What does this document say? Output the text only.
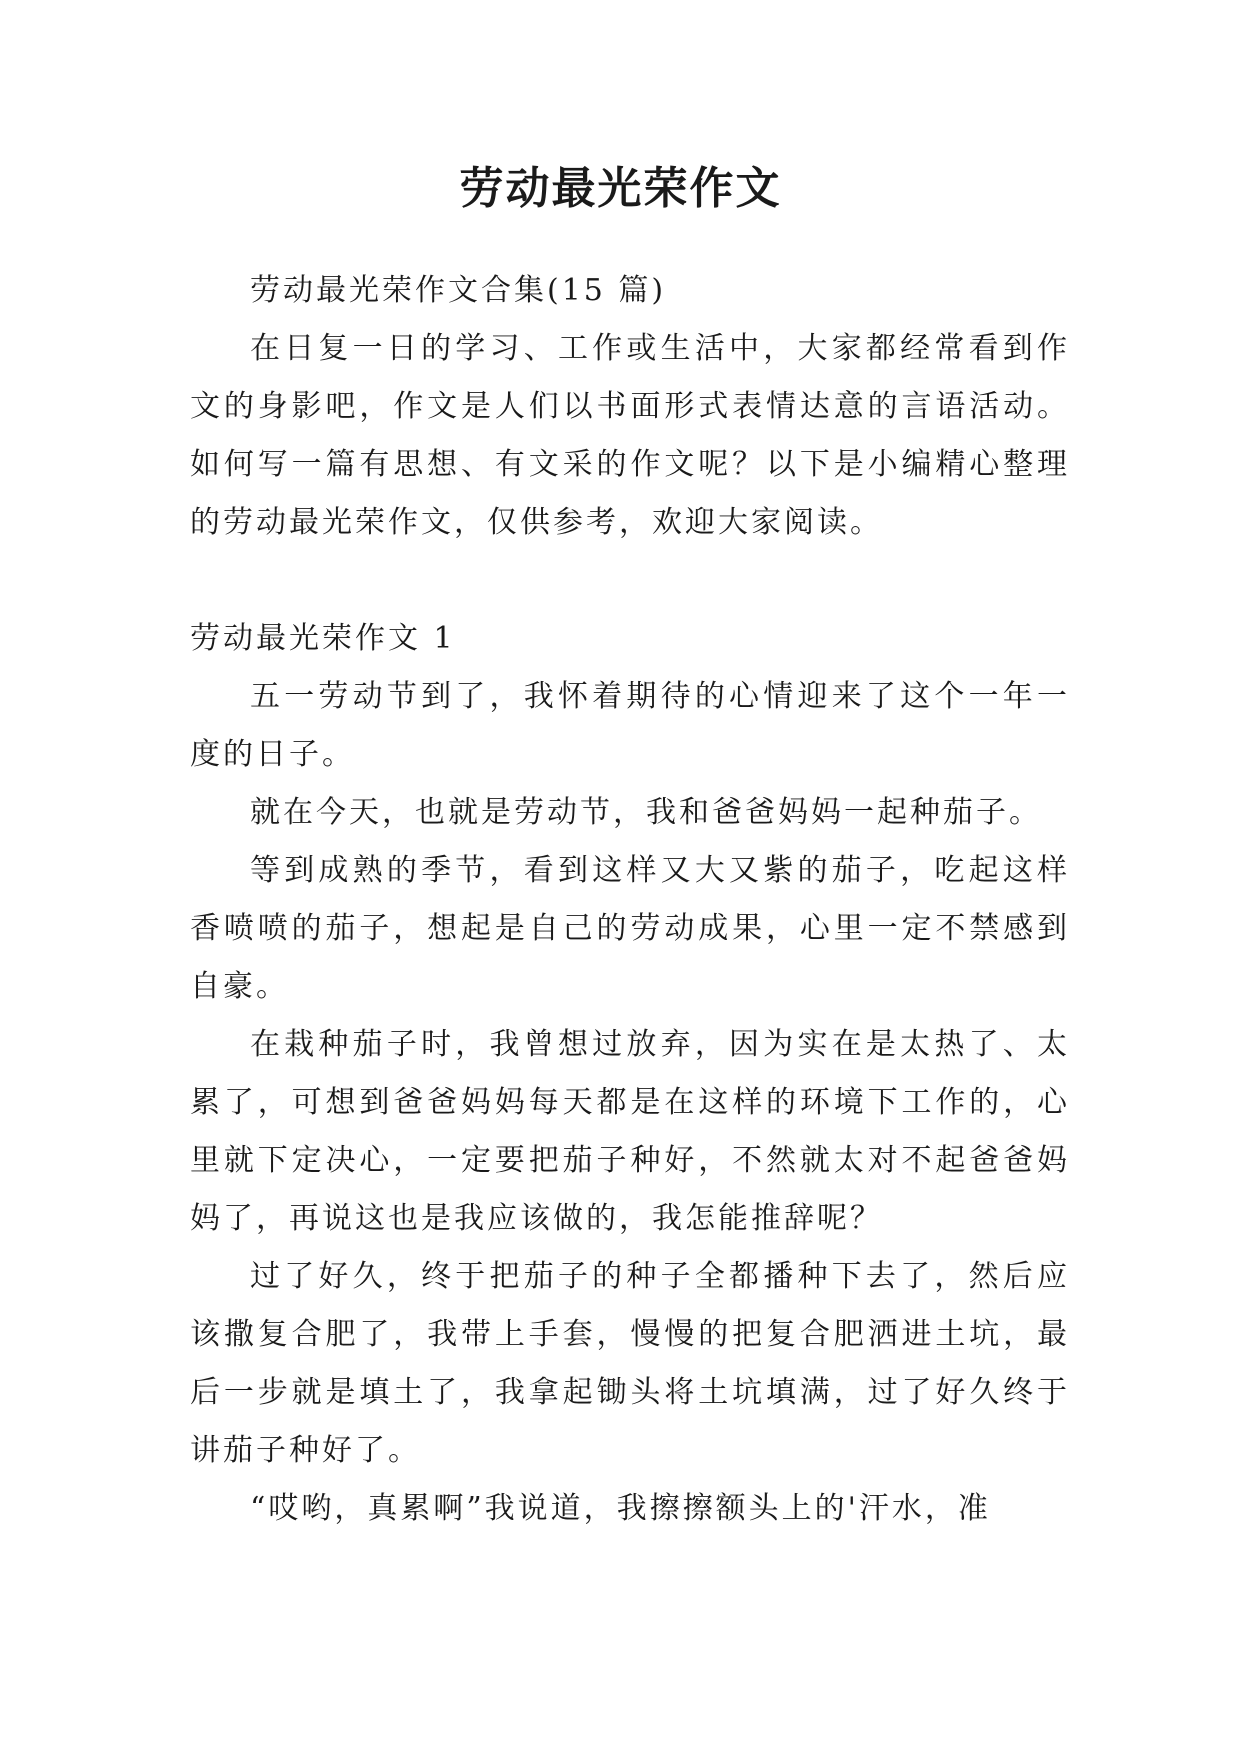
劳动最光荣作文

劳动最光荣作文合集(15 篇)

在日复一日的学习、工作或生活中，大家都经常看到作文的身影吧，作文是人们以书面形式表情达意的言语活动。如何写一篇有思想、有文采的作文呢？以下是小编精心整理的劳动最光荣作文，仅供参考，欢迎大家阅读。

劳动最光荣作文 1

五一劳动节到了，我怀着期待的心情迎来了这个一年一度的日子。

就在今天，也就是劳动节，我和爸爸妈妈一起种茄子。

等到成熟的季节，看到这样又大又紫的茄子，吃起这样香喷喷的茄子，想起是自己的劳动成果，心里一定不禁感到自豪。

在栽种茄子时，我曾想过放弃，因为实在是太热了、太累了，可想到爸爸妈妈每天都是在这样的环境下工作的，心里就下定决心，一定要把茄子种好，不然就太对不起爸爸妈妈了，再说这也是我应该做的，我怎能推辞呢？

过了好久，终于把茄子的种子全都播种下去了，然后应该撒复合肥了，我带上手套，慢慢的把复合肥洒进土坑，最后一步就是填土了，我拿起锄头将土坑填满，过了好久终于讲茄子种好了。

“哎哟，真累啊”我说道，我擦擦额头上的'汗水，准
